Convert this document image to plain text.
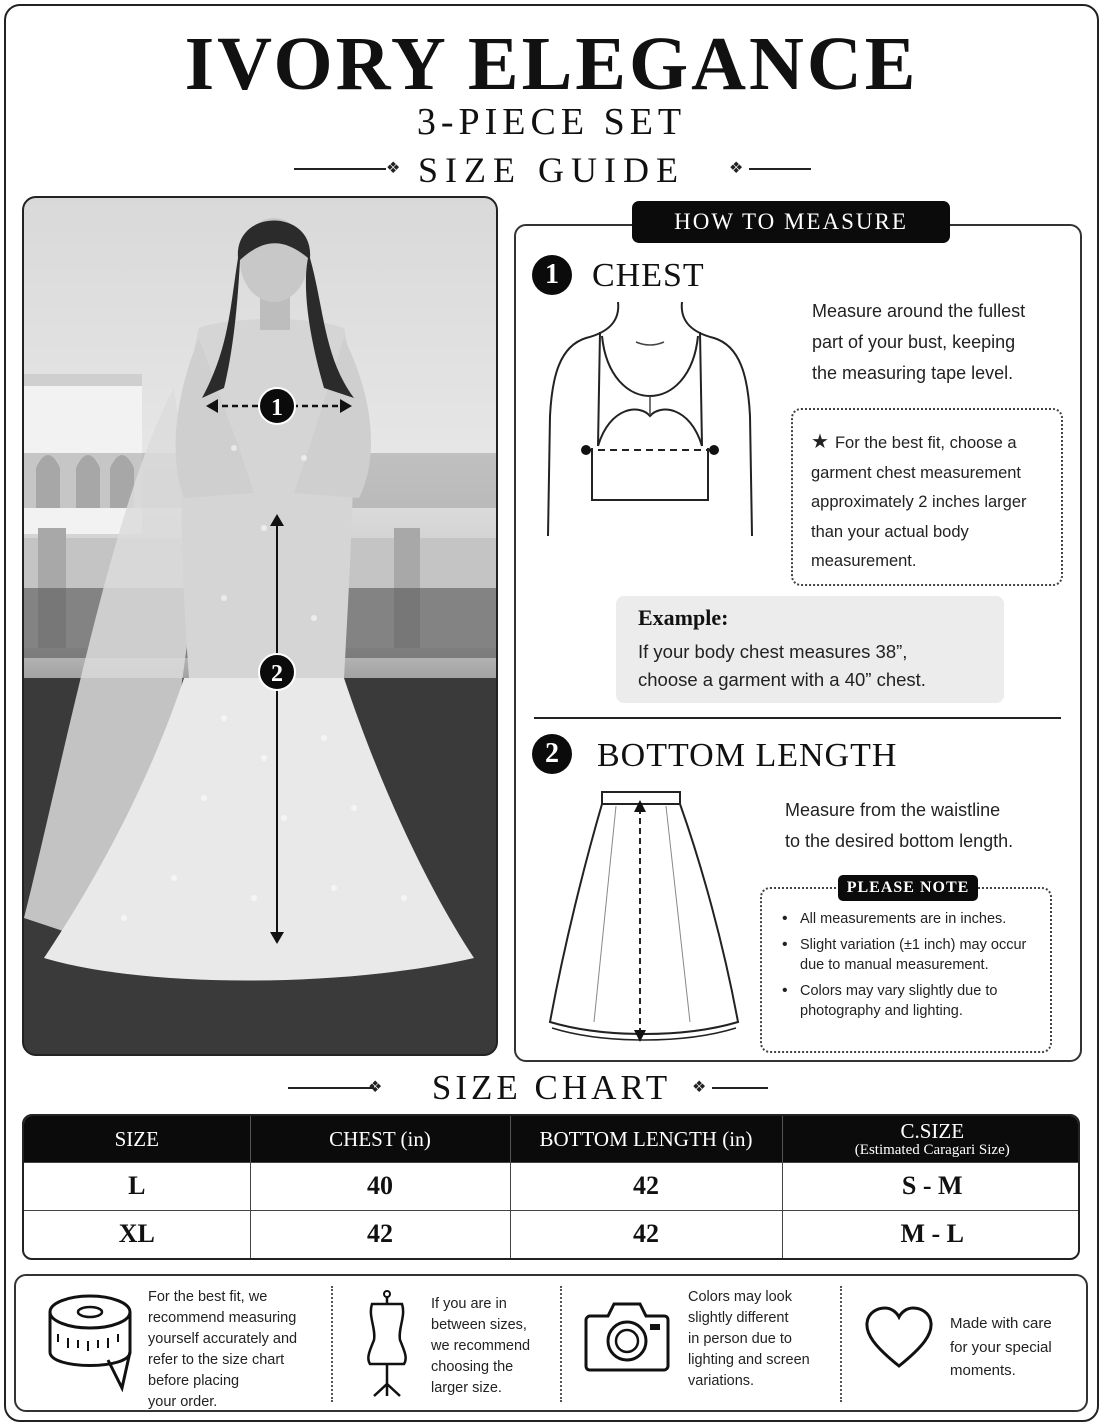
IVORY ELEGANCE
3-PIECE SET
❖ SIZE GUIDE	❖
1
2
HOW TO MEASURE
1 CHEST
Measure around the fullest
part of your bust, keeping
the measuring tape level.
★ For the best fit, choose a
garment chest measurement
approximately 2 inches larger
than your actual body
measurement.
Example:
If your body chest measures 38”,
choose a garment with a 40” chest.
2	BOTTOM LENGTH
Measure from the waistline
to the desired bottom length.
• All measurements are in inches.
• Slight variation (±1 inch) may occur due to manual measurement.
• Colors may vary slightly due to photography and lighting.
PLEASE NOTE
❖	SIZE CHART	❖
SIZE	CHEST (in)	BOTTOM LENGTH (in)	C.SIZE
(Estimated Caragari Size)

L	40	42	S - M
XL	42	42	M - L
For the best fit, we
recommend measuring
yourself accurately and
refer to the size chart
before placing
your order.
If you are in
between sizes,
we recommend
choosing the
larger size.
Colors may look
slightly different
in person due to
lighting and screen
variations.
Made with care
for your special
moments.
